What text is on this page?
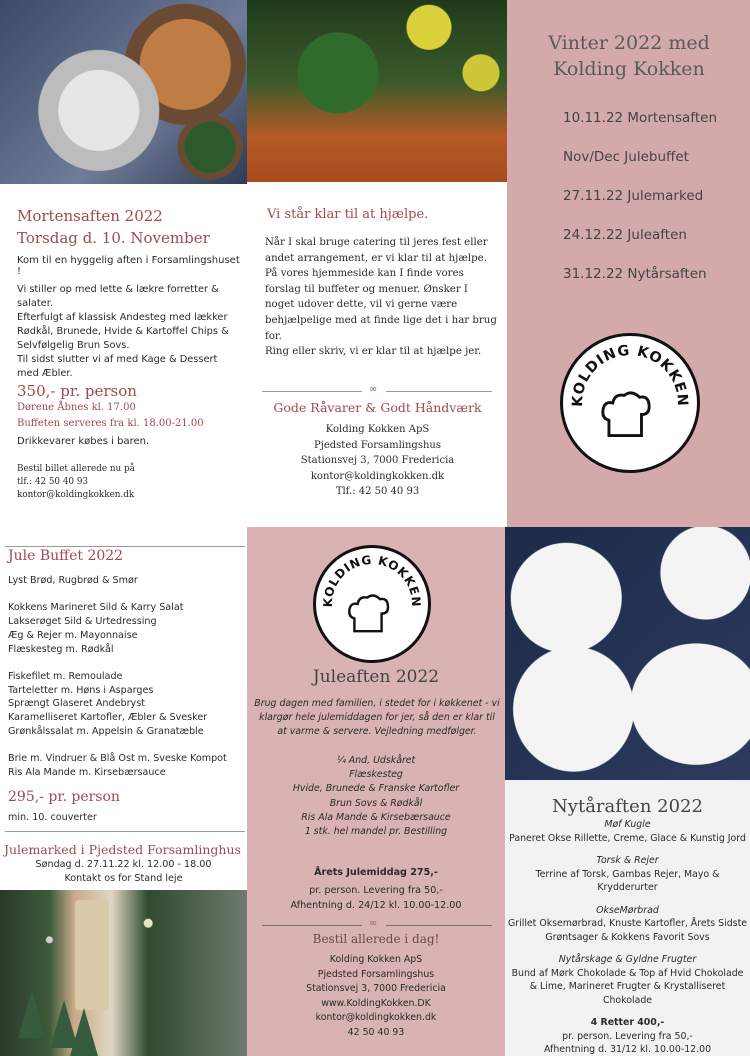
Vinter 2022 med
Kolding Kokken
10.11.22 Mortensaften
Nov/Dec Julebuffet
27.11.22 Julemarked
24.12.22 Juleaften
31.12.22 Nytårsaften
KOLDING KOKKEN
Mortensaften 2022
Torsdag d. 10. November
Kom til en hyggelig aften i Forsamlingshuset !
Vi stiller op med lette & lækre forretter & salater.
Efterfulgt af klassisk Andesteg med lækker Rødkål, Brunede, Hvide & Kartoffel Chips & Selvfølgelig Brun Sovs.
Til sidst slutter vi af med Kage & Dessert med Æbler.
350,- pr. person
Dørene Åbnes kl. 17.00
Buffeten serveres fra kl. 18.00-21.00
Drikkevarer købes i baren.
Bestil billet allerede nu på
tlf.: 42 50 40 93
kontor@koldingkokken.dk
Vi står klar til at hjælpe.
Når I skal bruge catering til jeres fest eller andet arrangement, er vi klar til at hjælpe. På vores hjemmeside kan I finde vores forslag til buffeter og menuer. Ønsker I noget udover dette, vil vi gerne være behjælpelige med at finde lige det i har brug for.
Ring eller skriv, vi er klar til at hjælpe jer.
∞
Gode Råvarer & Godt Håndværk
Kolding Kokken ApS
Pjedsted Forsamlingshus
Stationsvej 3, 7000 Fredericia
kontor@koldingkokken.dk
Tlf.: 42 50 40 93
Jule Buffet 2022
Lyst Brød, Rugbrød & Smør

Kokkens Marineret Sild & Karry Salat
Lakserøget Sild & Urtedressing
Æg & Rejer m. Mayonnaise
Flæskesteg m. Rødkål

Fiskefilet m. Remoulade
Tarteletter m. Høns i Asparges
Sprængt Glaseret Andebryst
Karamelliseret Kartofler, Æbler & Svesker
Grønkålssalat m. Appelsin & Granatæble

Brie m. Vindruer & Blå Ost m. Sveske Kompot
Ris Ala Mande m. Kirsebærsauce
295,- pr. person
min. 10. couverter
Julemarked i Pjedsted Forsamlinghus
Søndag d. 27.11.22 kl. 12.00 - 18.00
Kontakt os for Stand leje
KOLDING KOKKEN
Juleaften 2022
Brug dagen med familien, i stedet for i køkkenet - vi klargør hele julemiddagen for jer, så den er klar til at varme & servere. Vejledning medfølger.
¼ And, Udskåret
Flæskesteg
Hvide, Brunede & Franske Kartofler
Brun Sovs & Rødkål
Ris Ala Mande & Kirsebærsauce
1 stk. hel mandel pr. Bestilling
Årets Julemiddag 275,-
pr. person. Levering fra 50,-
Afhentning d. 24/12 kl. 10.00-12.00
∞
Bestil allerede i dag!
Kolding Kokken ApS
Pjedsted Forsamlingshus
Stationsvej 3, 7000 Fredericia
www.KoldingKokken.DK
kontor@koldingkokken.dk
42 50 40 93
Nytåraften 2022
Møf Kugle
Paneret Okse Rillette, Creme, Glace & Kunstig Jord
Torsk & Rejer
Terrine af Torsk, Gambas Rejer, Mayo & Krydderurter
OkseMørbrad
Grillet Oksemørbrad, Knuste Kartofler, Årets Sidste Grøntsager & Kokkens Favorit Sovs
Nytårskage & Gyldne Frugter
Bund af Mørk Chokolade & Top af Hvid Chokolade & Lime, Marineret Frugter & Krystalliseret Chokolade
4 Retter 400,-
pr. person. Levering fra 50,-
Afhentning d. 31/12 kl. 10.00-12.00
